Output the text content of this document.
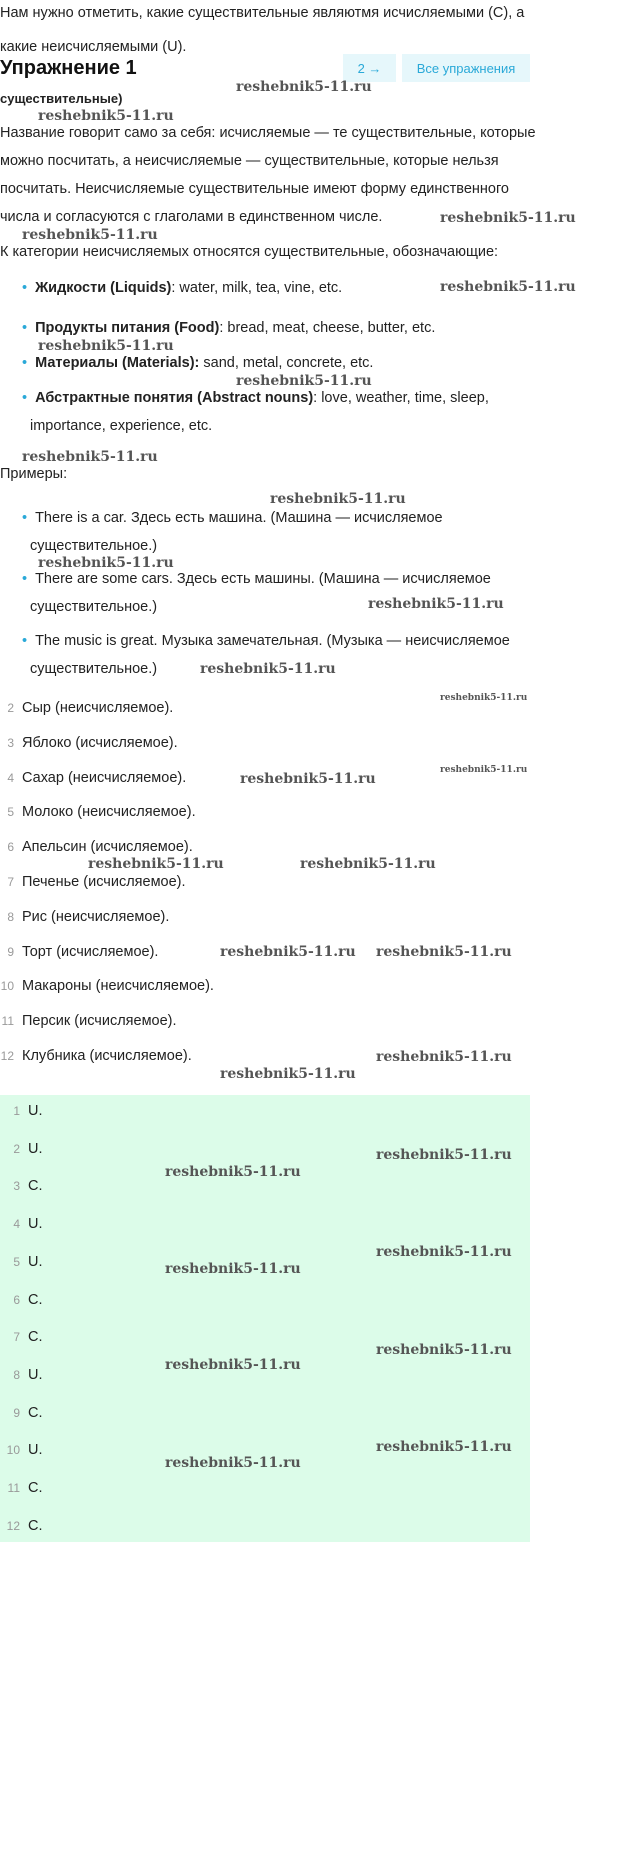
Нам нужно отметить, какие существительные являютмя исчисляемыми (C), а
какие неисчисляемыми (U).
Упражнение 1	2 →	Все упражнения
существительные)
Название говорит само за себя: исчисляемые — те существительные, которые
можно посчитать, а неисчисляемые — существительные, которые нельзя
посчитать. Неисчисляемые существительные имеют форму единственного
числа и согласуются с глаголами в единственном числе.
К категории неисчисляемых относятся существительные, обозначающие:
Примеры:
• Жидкости (Liquids): water, milk, tea, vine, etc.
• Продукты питания (Food): bread, meat, cheese, butter, etc.
• Материалы (Materials): sand, metal, concrete, etc.
• Абстрактные понятия (Abstract nouns): love, weather, time, sleep,
importance, experience, etc.
• There is a car. Здесь есть машина. (Машина — исчисляемое
существительное.)
• There are some cars. Здесь есть машины. (Машина — исчисляемое
существительное.)
• The music is great. Музыка замечательная. (Музыка — неисчисляемое
существительное.)
2 Сыр (неисчисляемое).
3 Яблоко (исчисляемое).
4 Сахар (неисчисляемое).
5 Молоко (неисчисляемое).
6 Апельсин (исчисляемое).
7 Печенье (исчисляемое).
8 Рис (неисчисляемое).
9 Торт (исчисляемое).
10 Макароны (неисчисляемое).
11 Персик (исчисляемое).
12 Клубника (исчисляемое).
1 U.
2 U.
3 C.
4 U.
5 U.
6 C.
7 C.
8 U.
9 C.
10 U.
11 C.
12 C.
reshebnik5-11.ru
reshebnik5-11.ru
reshebnik5-11.ru
reshebnik5-11.ru
reshebnik5-11.ru
reshebnik5-11.ru
reshebnik5-11.ru
reshebnik5-11.ru
reshebnik5-11.ru
reshebnik5-11.ru
reshebnik5-11.ru
reshebnik5-11.ru
reshebnik5-11.ru
reshebnik5-11.ru
reshebnik5-11.ru
reshebnik5-11.ru	reshebnik5-11.ru
reshebnik5-11.ru reshebnik5-11.ru
reshebnik5-11.ru
reshebnik5-11.ru
reshebnik5-11.ru
reshebnik5-11.ru
reshebnik5-11.ru
reshebnik5-11.ru
reshebnik5-11.ru
reshebnik5-11.ru
reshebnik5-11.ru
reshebnik5-11.ru
